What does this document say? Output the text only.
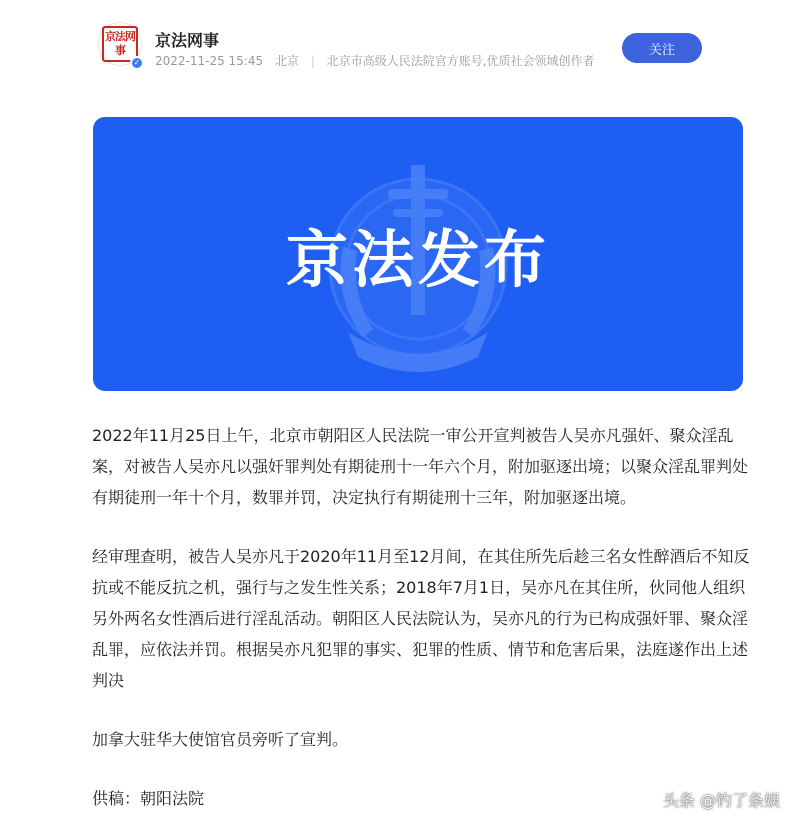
京法网事
✓
京法网事
2022-11-25 15:45 北京 | 北京市高级人民法院官方账号,优质社会领域创作者
关注
京法发布

2022年11月25日上午，北京市朝阳区人民法院一审公开宣判被告人吴亦凡强奸、聚众淫乱案，对被告人吴亦凡以强奸罪判处有期徒刑十一年六个月，附加驱逐出境；以聚众淫乱罪判处有期徒刑一年十个月，数罪并罚，决定执行有期徒刑十三年，附加驱逐出境。

经审理查明，被告人吴亦凡于2020年11月至12月间，在其住所先后趁三名女性醉酒后不知反抗或不能反抗之机，强行与之发生性关系；2018年7月1日，吴亦凡在其住所，伙同他人组织另外两名女性酒后进行淫乱活动。朝阳区人民法院认为，吴亦凡的行为已构成强奸罪、聚众淫乱罪，应依法并罚。根据吴亦凡犯罪的事实、犯罪的性质、情节和危害后果，法庭遂作出上述判决

加拿大驻华大使馆官员旁听了宣判。

供稿：朝阳法院	头条 @钓了条娱
